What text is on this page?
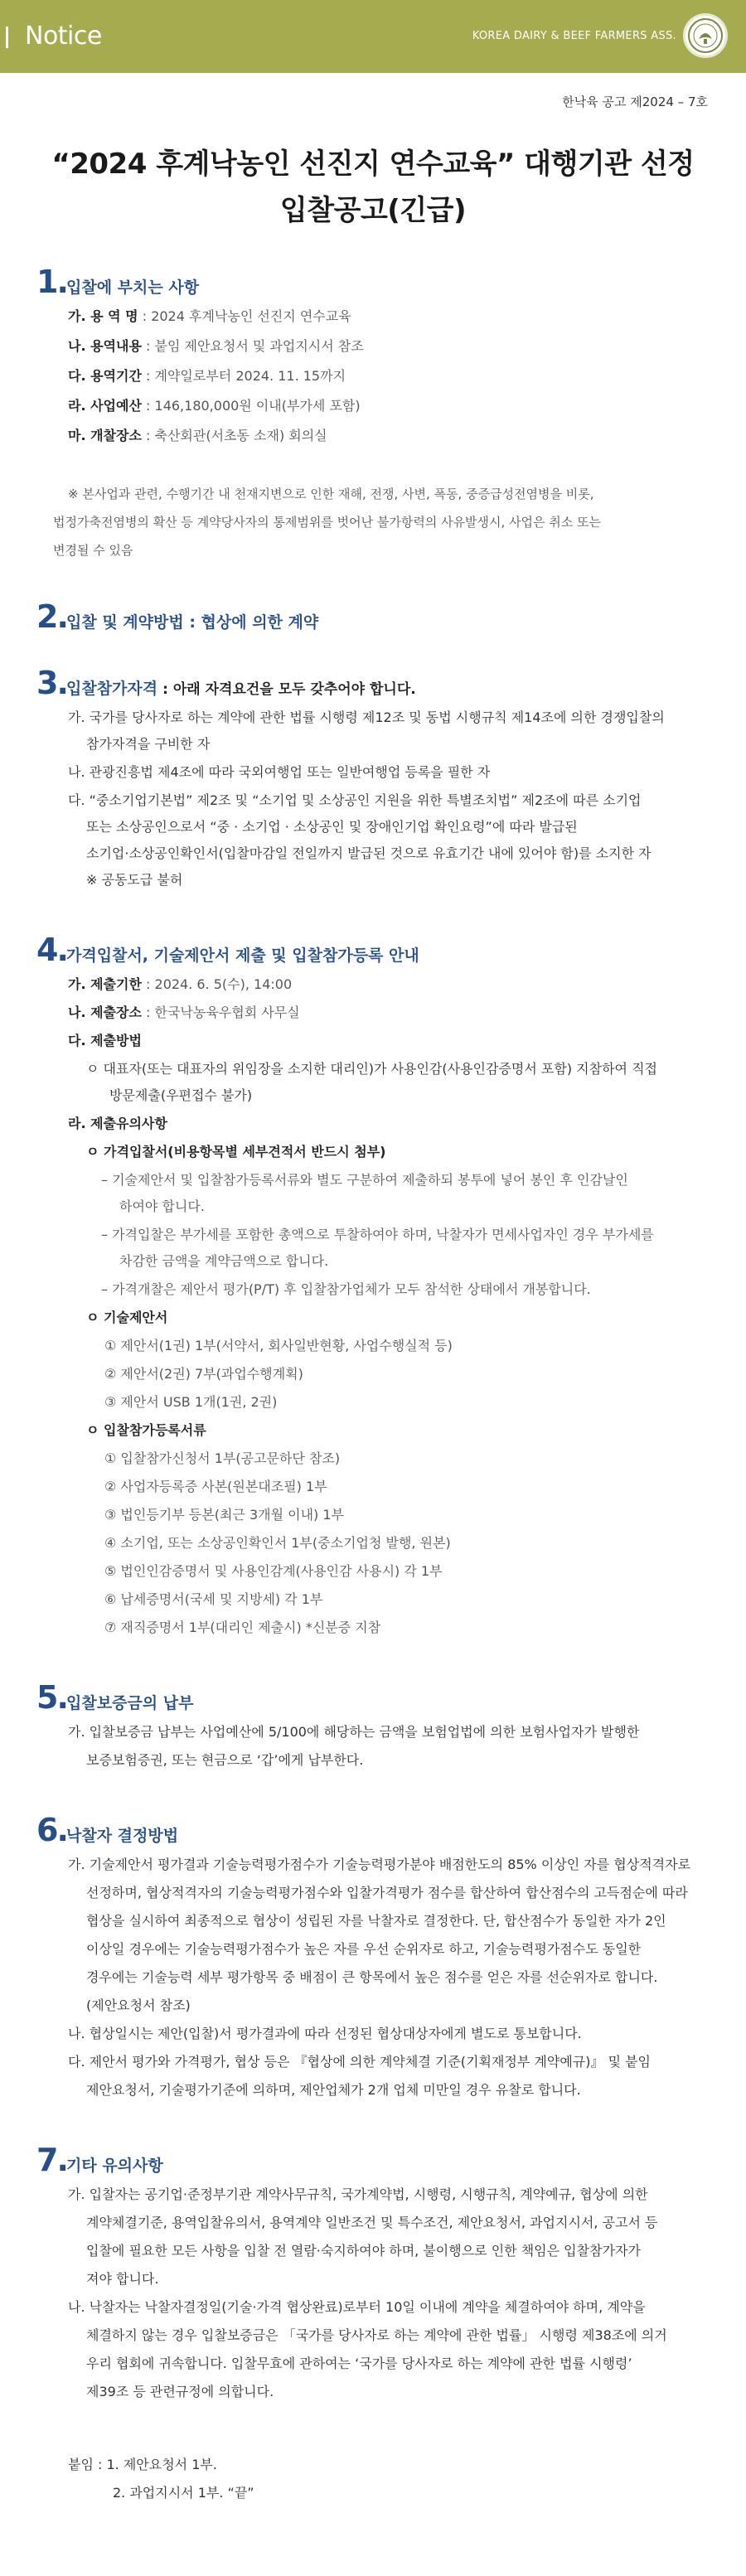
Notice	KOREA DAIRY & BEEF FARMERS ASS.
한낙육 공고 제2024 – 7호
“2024 후계낙농인 선진지 연수교육” 대행기관 선정
입찰공고(긴급)
1. 입찰에 부치는 사항
가. 용 역 명 : 2024 후계낙농인 선진지 연수교육
나. 용역내용 : 붙임 제안요청서 및 과업지시서 참조
다. 용역기간 : 계약일로부터 2024. 11. 15까지
라. 사업예산 : 146,180,000원 이내(부가세 포함)
마. 개찰장소 : 축산회관(서초동 소재) 회의실
※ 본사업과 관련, 수행기간 내 천재지변으로 인한 재해, 전쟁, 사변, 폭동, 중증급성전염병을 비롯,
법정가축전염병의 확산 등 계약당사자의 통제범위를 벗어난 불가항력의 사유발생시, 사업은 취소 또는
변경될 수 있음
2. 입찰 및 계약방법 : 협상에 의한 계약
3. 입찰참가자격 : 아래 자격요건을 모두 갖추어야 합니다.
가. 국가를 당사자로 하는 계약에 관한 법률 시행령 제12조 및 동법 시행규칙 제14조에 의한 경쟁입찰의
참가자격을 구비한 자
나. 관광진흥법 제4조에 따라 국외여행업 또는 일반여행업 등록을 필한 자
다. “중소기업기본법” 제2조 및 “소기업 및 소상공인 지원을 위한 특별조치법” 제2조에 따른 소기업
또는 소상공인으로서 “중 · 소기업 · 소상공인 및 장애인기업 확인요령”에 따라 발급된
소기업·소상공인확인서(입찰마감일 전일까지 발급된 것으로 유효기간 내에 있어야 함)를 소지한 자
※ 공동도급 불허
4. 가격입찰서, 기술제안서 제출 및 입찰참가등록 안내
가. 제출기한 : 2024. 6. 5(수), 14:00
나. 제출장소 : 한국낙농육우협회 사무실
다. 제출방법
ㅇ 대표자(또는 대표자의 위임장을 소지한 대리인)가 사용인감(사용인감증명서 포함) 지참하여 직접
방문제출(우편접수 불가)
라. 제출유의사항
ㅇ 가격입찰서(비용항목별 세부견적서 반드시 첨부)
– 기술제안서 및 입찰참가등록서류와 별도 구분하여 제출하되 봉투에 넣어 봉인 후 인감날인
하여야 합니다.
– 가격입찰은 부가세를 포함한 총액으로 투찰하여야 하며, 낙찰자가 면세사업자인 경우 부가세를
차감한 금액을 계약금액으로 합니다.
– 가격개찰은 제안서 평가(P/T) 후 입찰참가업체가 모두 참석한 상태에서 개봉합니다.
ㅇ 기술제안서
① 제안서(1권) 1부(서약서, 회사일반현황, 사업수행실적 등)
② 제안서(2권) 7부(과업수행계획)
③ 제안서 USB 1개(1권, 2권)
ㅇ 입찰참가등록서류
① 입찰참가신청서 1부(공고문하단 참조)
② 사업자등록증 사본(원본대조필) 1부
③ 법인등기부 등본(최근 3개월 이내) 1부
④ 소기업, 또는 소상공인확인서 1부(중소기업청 발행, 원본)
⑤ 법인인감증명서 및 사용인감계(사용인감 사용시) 각 1부
⑥ 납세증명서(국세 및 지방세) 각 1부
⑦ 재직증명서 1부(대리인 제출시) *신분증 지참
5. 입찰보증금의 납부
가. 입찰보증금 납부는 사업예산에 5/100에 해당하는 금액을 보험업법에 의한 보험사업자가 발행한
보증보험증권, 또는 현금으로 ‘갑’에게 납부한다.
6. 낙찰자 결정방법
가. 기술제안서 평가결과 기술능력평가점수가 기술능력평가분야 배점한도의 85% 이상인 자를 협상적격자로
선정하며, 협상적격자의 기술능력평가점수와 입찰가격평가 점수를 합산하여 합산점수의 고득점순에 따라
협상을 실시하여 최종적으로 협상이 성립된 자를 낙찰자로 결정한다. 단, 합산점수가 동일한 자가 2인
이상일 경우에는 기술능력평가점수가 높은 자를 우선 순위자로 하고, 기술능력평가점수도 동일한
경우에는 기술능력 세부 평가항목 중 배점이 큰 항목에서 높은 점수를 얻은 자를 선순위자로 합니다.
(제안요청서 참조)
나. 협상일시는 제안(입찰)서 평가결과에 따라 선정된 협상대상자에게 별도로 통보합니다.
다. 제안서 평가와 가격평가, 협상 등은 『협상에 의한 계약체결 기준(기획재정부 계약예규)』 및 붙임
제안요청서, 기술평가기준에 의하며, 제안업체가 2개 업체 미만일 경우 유찰로 합니다.
7. 기타 유의사항
가. 입찰자는 공기업·준정부기관 계약사무규칙, 국가계약법, 시행령, 시행규칙, 계약예규, 협상에 의한
계약체결기준, 용역입찰유의서, 용역계약 일반조건 및 특수조건, 제안요청서, 과업지시서, 공고서 등
입찰에 필요한 모든 사항을 입찰 전 열람·숙지하여야 하며, 불이행으로 인한 책임은 입찰참가자가
져야 합니다.
나. 낙찰자는 낙찰자결정일(기술·가격 협상완료)로부터 10일 이내에 계약을 체결하여야 하며, 계약을
체결하지 않는 경우 입찰보증금은 「국가를 당사자로 하는 계약에 관한 법률」 시행령 제38조에 의거
우리 협회에 귀속합니다. 입찰무효에 관하여는 ‘국가를 당사자로 하는 계약에 관한 법률 시행령’
제39조 등 관련규정에 의합니다.
붙임 : 1. 제안요청서 1부.
2. 과업지시서 1부. “끝”
